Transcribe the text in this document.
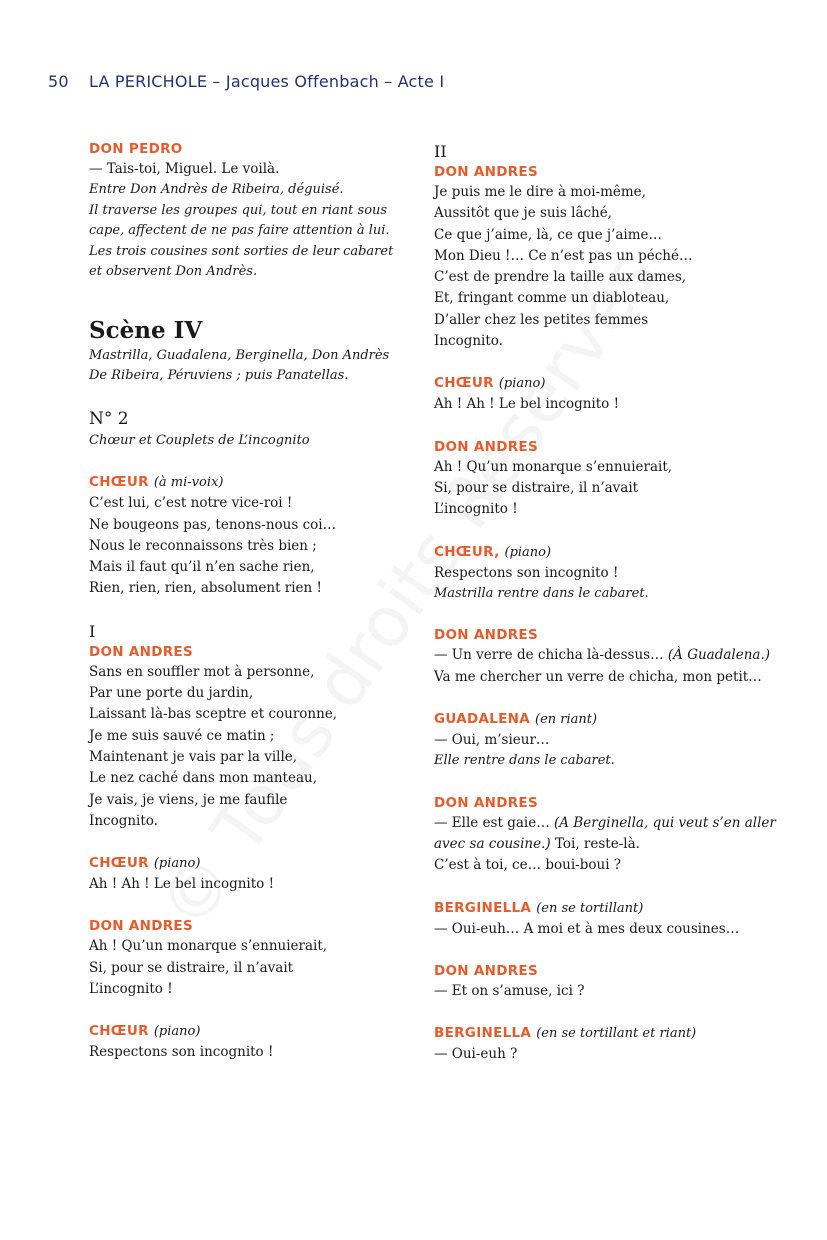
50 LA PERICHOLE – Jacques Offenbach – Acte I
DON PEDRO
— Tais-toi, Miguel. Le voilà.
Entre Don Andrès de Ribeira, déguisé.
Il traverse les groupes qui, tout en riant sous
cape, affectent de ne pas faire attention à lui.
Les trois cousines sont sorties de leur cabaret
et observent Don Andrès.
Scène IV
Mastrilla, Guadalena, Berginella, Don Andrès
De Ribeira, Péruviens ; puis Panatellas.
N° 2
Chœur et Couplets de L’incognito
CHŒUR (à mi-voix)
C’est lui, c’est notre vice-roi !
Ne bougeons pas, tenons-nous coi…
Nous le reconnaissons très bien ;
Mais il faut qu’il n’en sache rien,
Rien, rien, rien, absolument rien !
I
DON ANDRES
Sans en souffler mot à personne,
Par une porte du jardin,
Laissant là-bas sceptre et couronne,
Je me suis sauvé ce matin ;
Maintenant je vais par la ville,
Le nez caché dans mon manteau,
Je vais, je viens, je me faufile
Incognito.
CHŒUR (piano)
Ah ! Ah ! Le bel incognito !
DON ANDRES
Ah ! Qu’un monarque s’ennuierait,
Si, pour se distraire, il n’avait
L’incognito !
CHŒUR (piano)
Respectons son incognito !
II
DON ANDRES
Je puis me le dire à moi-même,
Aussitôt que je suis lâché,
Ce que j’aime, là, ce que j’aime…
Mon Dieu !… Ce n’est pas un péché…
C’est de prendre la taille aux dames,
Et, fringant comme un diabloteau,
D’aller chez les petites femmes
Incognito.
CHŒUR (piano)
Ah ! Ah ! Le bel incognito !
DON ANDRES
Ah ! Qu’un monarque s’ennuierait,
Si, pour se distraire, il n’avait
L’incognito !
CHŒUR, (piano)
Respectons son incognito !
Mastrilla rentre dans le cabaret.
DON ANDRES
— Un verre de chicha là-dessus… (À Guadalena.)
Va me chercher un verre de chicha, mon petit…
GUADALENA (en riant)
— Oui, m’sieur…
Elle rentre dans le cabaret.
DON ANDRES
— Elle est gaie… (A Berginella, qui veut s’en aller
avec sa cousine.) Toi, reste-là.
C’est à toi, ce… boui-boui ?
BERGINELLA (en se tortillant)
— Oui-euh… A moi et à mes deux cousines…
DON ANDRES
— Et on s’amuse, ici ?
BERGINELLA (en se tortillant et riant)
— Oui-euh ?
